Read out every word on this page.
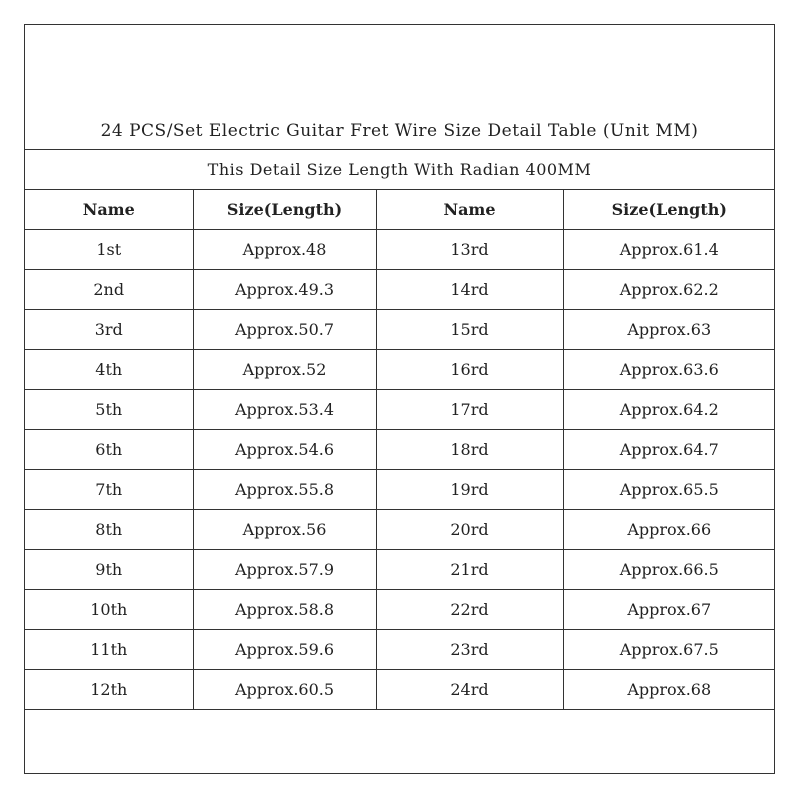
24 PCS/Set Electric Guitar Fret Wire Size Detail Table (Unit MM)
This Detail Size Length With Radian 400MM
Name	Size(Length)	Name	Size(Length)
1st	Approx.48	13rd	Approx.61.4
2nd	Approx.49.3	14rd	Approx.62.2
3rd	Approx.50.7	15rd	Approx.63
4th	Approx.52	16rd	Approx.63.6
5th	Approx.53.4	17rd	Approx.64.2
6th	Approx.54.6	18rd	Approx.64.7
7th	Approx.55.8	19rd	Approx.65.5
8th	Approx.56	20rd	Approx.66
9th	Approx.57.9	21rd	Approx.66.5
10th	Approx.58.8	22rd	Approx.67
11th	Approx.59.6	23rd	Approx.67.5
12th	Approx.60.5	24rd	Approx.68
